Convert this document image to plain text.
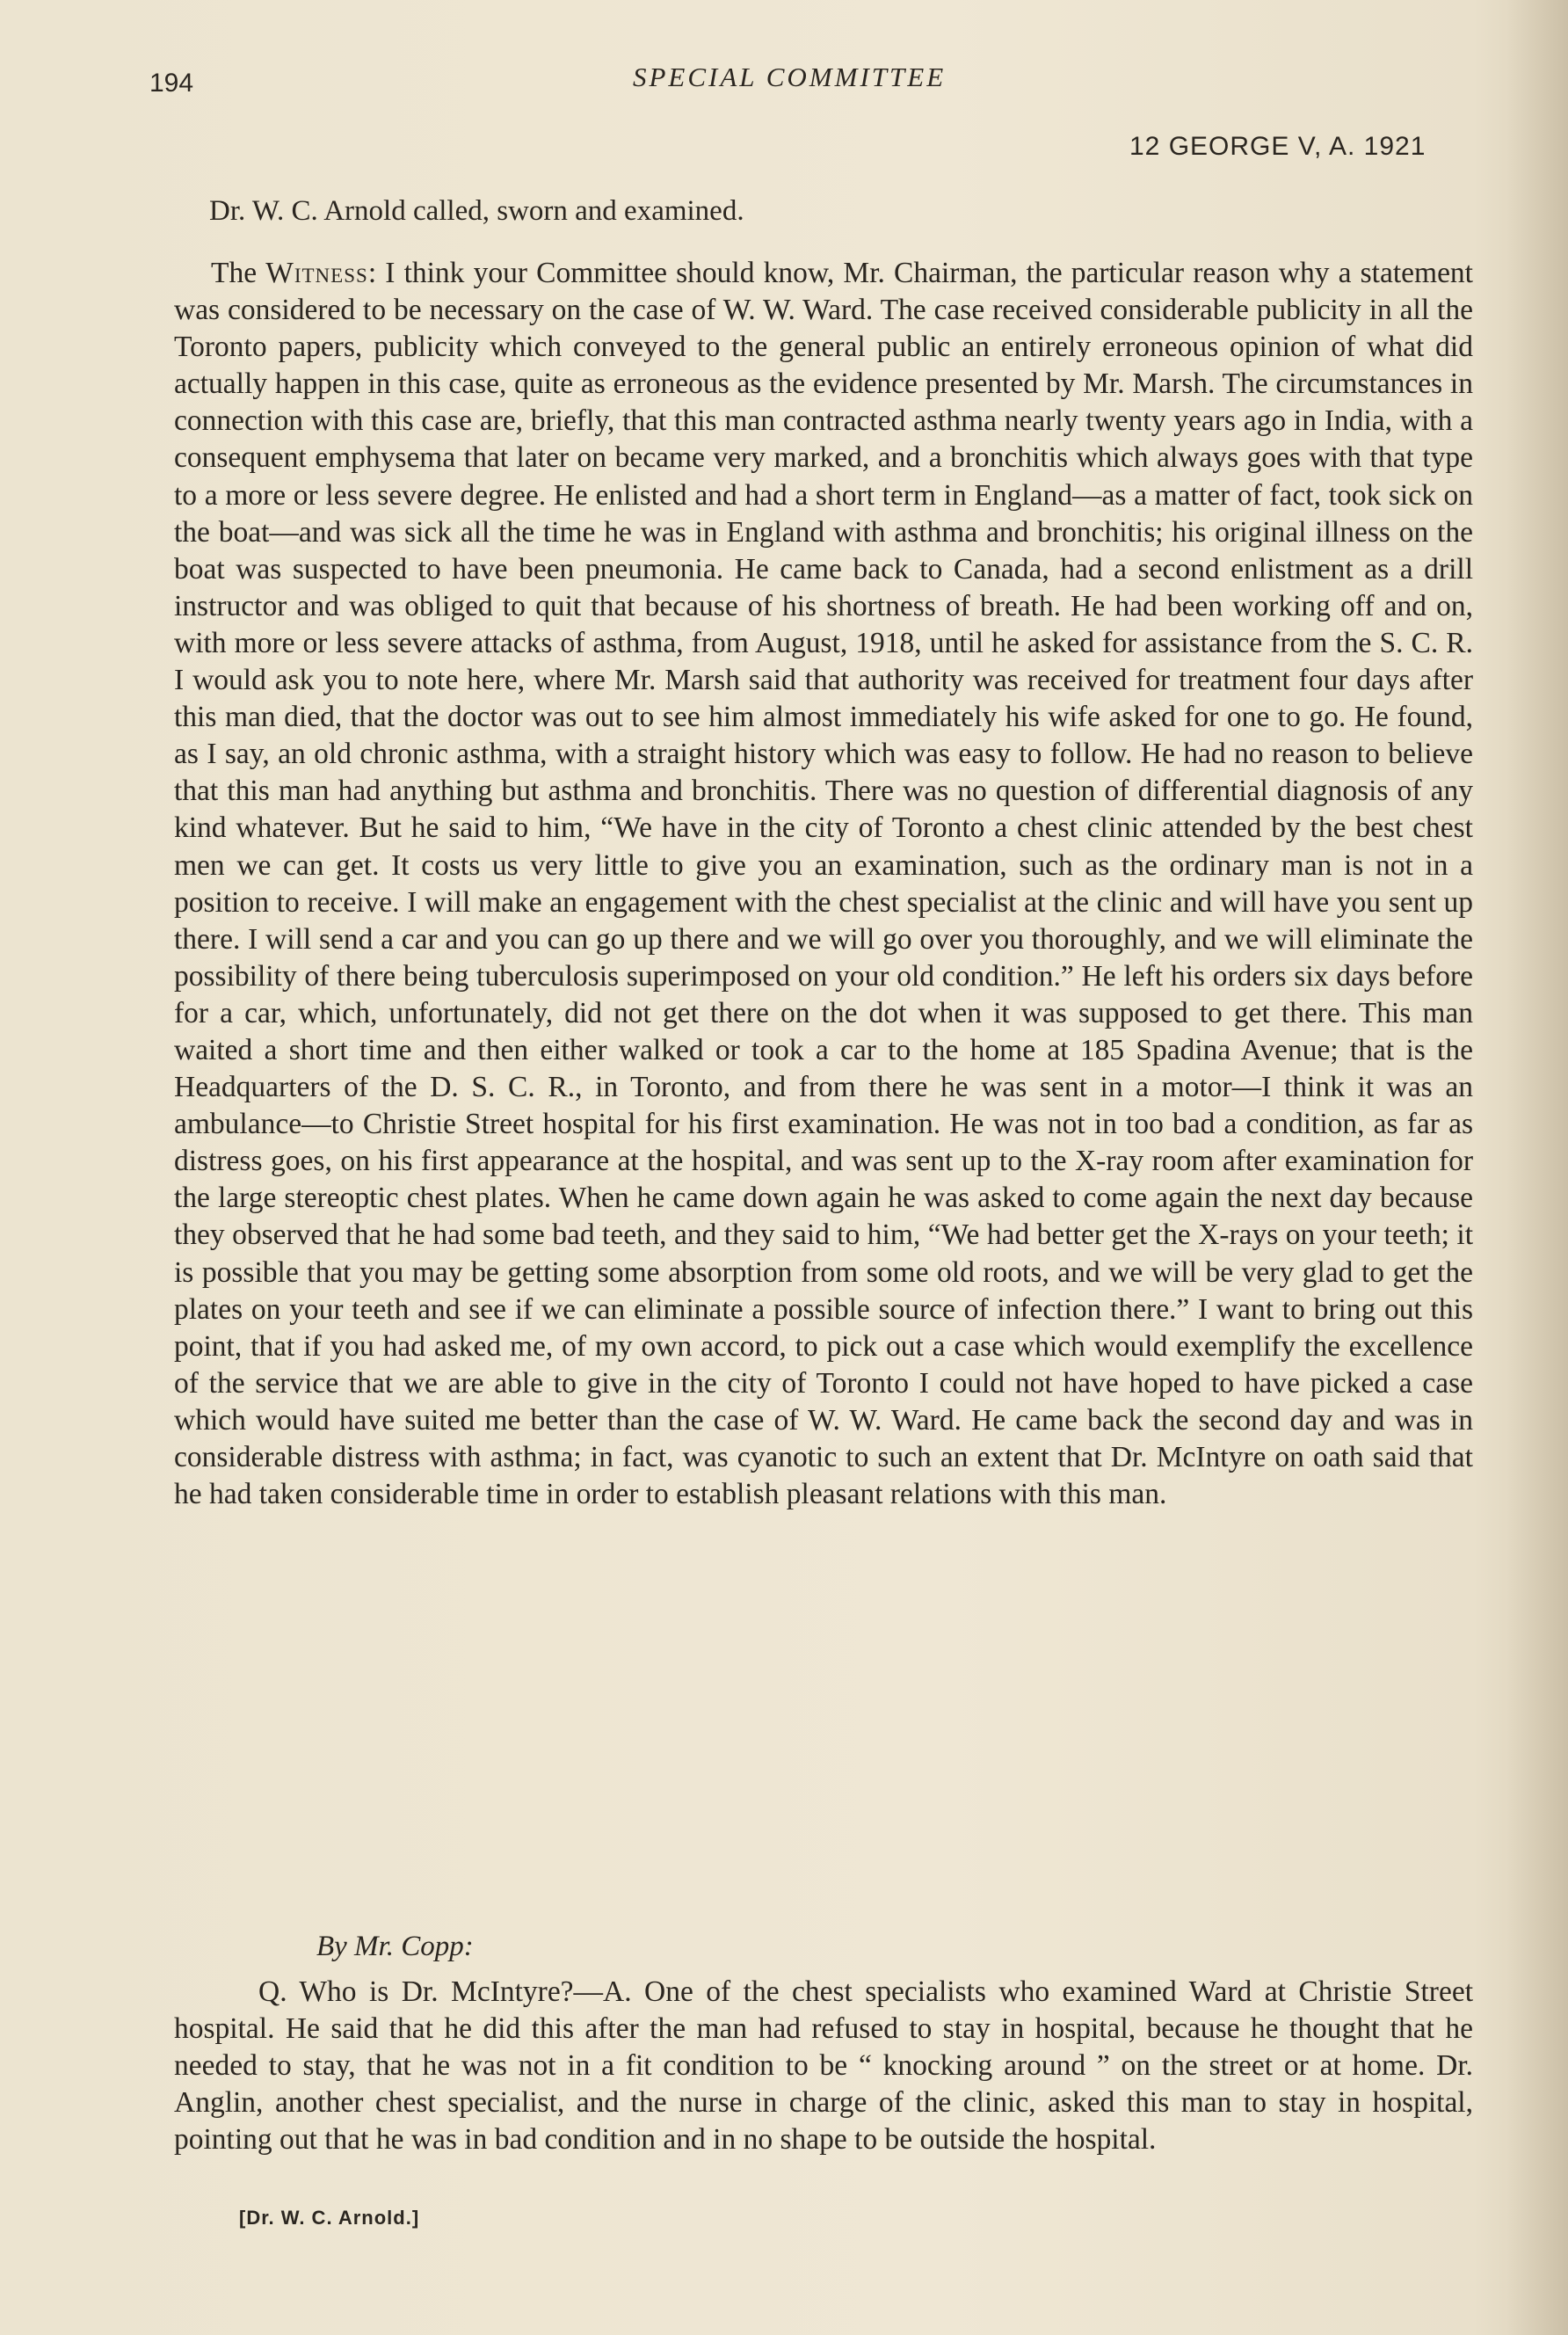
194	SPECIAL COMMITTEE
12 GEORGE V, A. 1921
Dr. W. C. Arnold called, sworn and examined.

The Witness: I think your Committee should know, Mr. Chairman, the particular reason why a statement was considered to be necessary on the case of W. W. Ward. The case received considerable publicity in all the Toronto papers, publicity which conveyed to the general public an entirely erroneous opinion of what did actually happen in this case, quite as erroneous as the evidence presented by Mr. Marsh. The circumstances in connection with this case are, briefly, that this man contracted asthma nearly twenty years ago in India, with a consequent emphysema that later on became very marked, and a bronchitis which always goes with that type to a more or less severe degree. He enlisted and had a short term in England—as a matter of fact, took sick on the boat—and was sick all the time he was in England with asthma and bronchitis; his original illness on the boat was suspected to have been pneumonia. He came back to Canada, had a second enlistment as a drill instructor and was obliged to quit that because of his shortness of breath. He had been working off and on, with more or less severe attacks of asthma, from August, 1918, until he asked for assistance from the S. C. R. I would ask you to note here, where Mr. Marsh said that authority was received for treatment four days after this man died, that the doctor was out to see him almost immediately his wife asked for one to go. He found, as I say, an old chronic asthma, with a straight history which was easy to follow. He had no reason to believe that this man had anything but asthma and bronchitis. There was no question of differential diagnosis of any kind whatever. But he said to him, “We have in the city of Toronto a chest clinic attended by the best chest men we can get. It costs us very little to give you an examination, such as the ordinary man is not in a position to receive. I will make an engagement with the chest specialist at the clinic and will have you sent up there. I will send a car and you can go up there and we will go over you thoroughly, and we will eliminate the possibility of there being tuberculosis superimposed on your old condition.” He left his orders six days before for a car, which, unfortunately, did not get there on the dot when it was supposed to get there. This man waited a short time and then either walked or took a car to the home at 185 Spadina Avenue; that is the Headquarters of the D. S. C. R., in Toronto, and from there he was sent in a motor—I think it was an ambulance—to Christie Street hospital for his first examination. He was not in too bad a condition, as far as distress goes, on his first appearance at the hospital, and was sent up to the X-ray room after examination for the large stereoptic chest plates. When he came down again he was asked to come again the next day because they observed that he had some bad teeth, and they said to him, “We had better get the X-rays on your teeth; it is possible that you may be getting some absorption from some old roots, and we will be very glad to get the plates on your teeth and see if we can eliminate a possible source of infection there.” I want to bring out this point, that if you had asked me, of my own accord, to pick out a case which would exemplify the excellence of the service that we are able to give in the city of Toronto I could not have hoped to have picked a case which would have suited me better than the case of W. W. Ward. He came back the second day and was in considerable distress with asthma; in fact, was cyanotic to such an extent that Dr. McIntyre on oath said that he had taken considerable time in order to establish pleasant relations with this man.

By Mr. Copp:

Q. Who is Dr. McIntyre?—A. One of the chest specialists who examined Ward at Christie Street hospital. He said that he did this after the man had refused to stay in hospital, because he thought that he needed to stay, that he was not in a fit condition to be “ knocking around ” on the street or at home. Dr. Anglin, another chest specialist, and the nurse in charge of the clinic, asked this man to stay in hospital, pointing out that he was in bad condition and in no shape to be outside the hospital.

[Dr. W. C. Arnold.]
